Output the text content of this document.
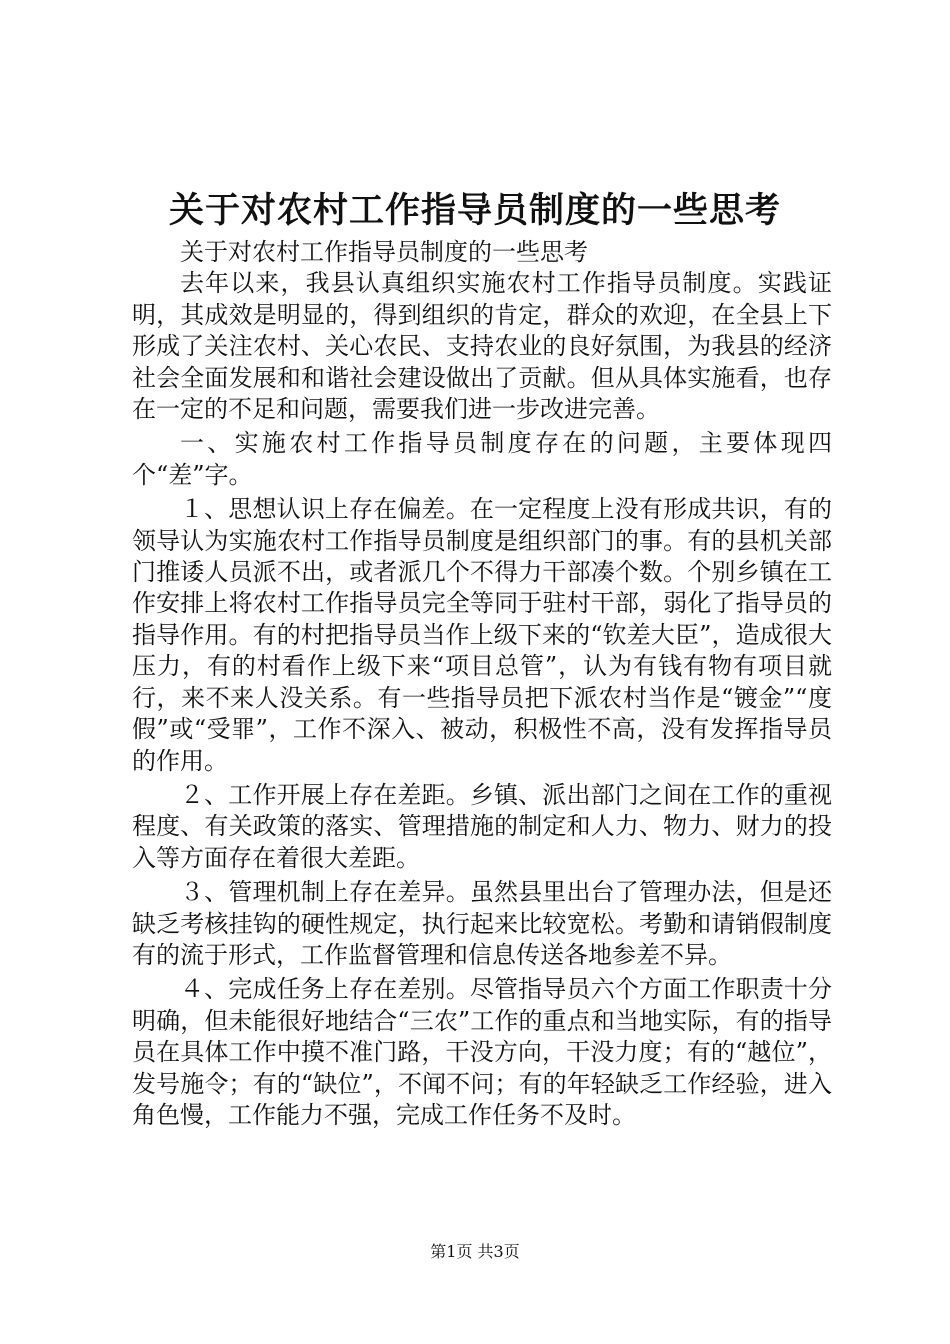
关于对农村工作指导员制度的一些思考

关于对农村工作指导员制度的一些思考

去年以来，我县认真组织实施农村工作指导员制度。实践证明，其成效是明显的，得到组织的肯定，群众的欢迎，在全县上下形成了关注农村、关心农民、支持农业的良好氛围，为我县的经济社会全面发展和和谐社会建设做出了贡献。但从具体实施看，也存在一定的不足和问题，需要我们进一步改进完善。

一、实施农村工作指导员制度存在的问题，主要体现四个“差”字。

１、思想认识上存在偏差。在一定程度上没有形成共识，有的领导认为实施农村工作指导员制度是组织部门的事。有的县机关部门推诿人员派不出，或者派几个不得力干部凑个数。个别乡镇在工作安排上将农村工作指导员完全等同于驻村干部，弱化了指导员的指导作用。有的村把指导员当作上级下来的“钦差大臣”，造成很大压力，有的村看作上级下来“项目总管”，认为有钱有物有项目就行，来不来人没关系。有一些指导员把下派农村当作是“镀金”“度假”或“受罪”，工作不深入、被动，积极性不高，没有发挥指导员的作用。

２、工作开展上存在差距。乡镇、派出部门之间在工作的重视程度、有关政策的落实、管理措施的制定和人力、物力、财力的投入等方面存在着很大差距。

３、管理机制上存在差异。虽然县里出台了管理办法，但是还缺乏考核挂钩的硬性规定，执行起来比较宽松。考勤和请销假制度有的流于形式，工作监督管理和信息传送各地参差不异。

４、完成任务上存在差别。尽管指导员六个方面工作职责十分明确，但未能很好地结合“三农”工作的重点和当地实际，有的指导员在具体工作中摸不准门路，干没方向，干没力度；有的“越位”，发号施令；有的“缺位”，不闻不问；有的年轻缺乏工作经验，进入角色慢，工作能力不强，完成工作任务不及时。

第1页 共3页
